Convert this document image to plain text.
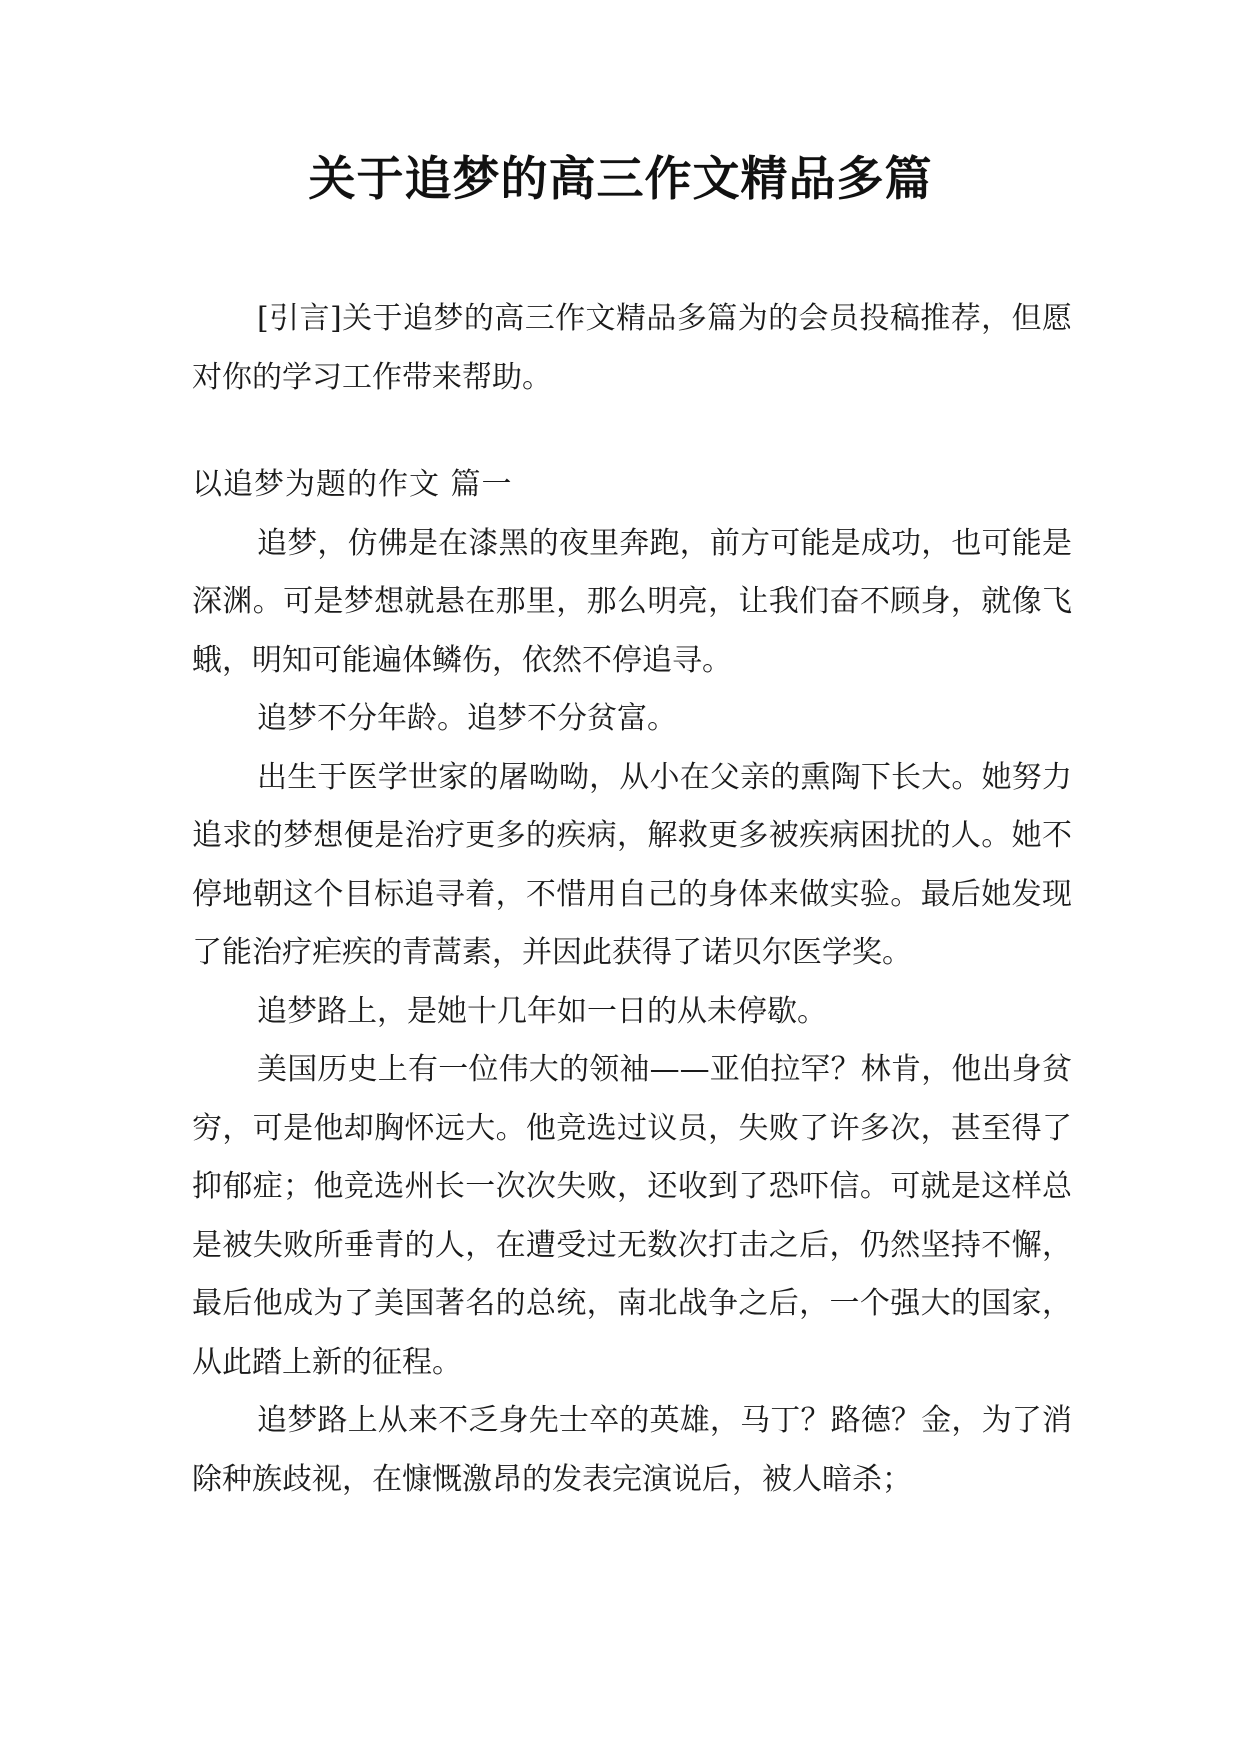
关于追梦的高三作文精品多篇

[引言]关于追梦的高三作文精品多篇为的会员投稿推荐，但愿对你的学习工作带来帮助。

以追梦为题的作文 篇一

追梦，仿佛是在漆黑的夜里奔跑，前方可能是成功，也可能是深渊。可是梦想就悬在那里，那么明亮，让我们奋不顾身，就像飞蛾，明知可能遍体鳞伤，依然不停追寻。

追梦不分年龄。追梦不分贫富。

出生于医学世家的屠呦呦，从小在父亲的熏陶下长大。她努力追求的梦想便是治疗更多的疾病，解救更多被疾病困扰的人。她不停地朝这个目标追寻着，不惜用自己的身体来做实验。最后她发现了能治疗疟疾的青蒿素，并因此获得了诺贝尔医学奖。

追梦路上，是她十几年如一日的从未停歇。

美国历史上有一位伟大的领袖——亚伯拉罕？林肯，他出身贫穷，可是他却胸怀远大。他竞选过议员，失败了许多次，甚至得了抑郁症；他竞选州长一次次失败，还收到了恐吓信。可就是这样总是被失败所垂青的人，在遭受过无数次打击之后，仍然坚持不懈，最后他成为了美国著名的总统，南北战争之后，一个强大的国家，从此踏上新的征程。

追梦路上从来不乏身先士卒的英雄，马丁？路德？金，为了消除种族歧视，在慷慨激昂的发表完演说后，被人暗杀；
